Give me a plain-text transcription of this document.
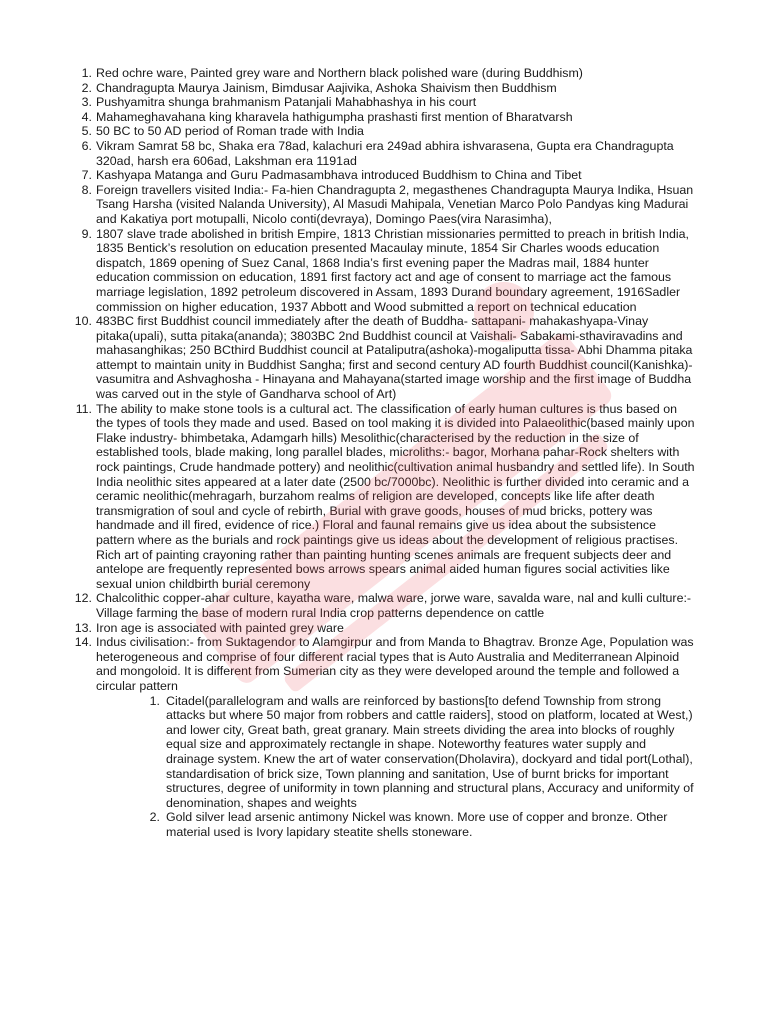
1. Red ochre ware, Painted grey ware and Northern black polished ware (during Buddhism)
2. Chandragupta Maurya Jainism, Bimdusar Aajivika, Ashoka Shaivism then Buddhism
3. Pushyamitra shunga brahmanism Patanjali Mahabhashya in his court
4. Mahameghavahana king kharavela hathigumpha prashasti first mention of Bharatvarsh
5. 50 BC to 50 AD period of Roman trade with India
6. Vikram Samrat 58 bc, Shaka era 78ad, kalachuri era 249ad abhira ishvarasena, Gupta era Chandragupta 320ad, harsh era 606ad, Lakshman era 1191ad
7. Kashyapa Matanga and Guru Padmasambhava introduced Buddhism to China and Tibet
8. Foreign travellers visited India:- Fa-hien Chandragupta 2, megasthenes Chandragupta Maurya Indika, Hsuan Tsang Harsha (visited Nalanda University), Al Masudi Mahipala, Venetian Marco Polo Pandyas king Madurai and Kakatiya port motupalli, Nicolo conti(devraya), Domingo Paes(vira Narasimha),
9. 1807 slave trade abolished in british Empire, 1813 Christian missionaries permitted to preach in british India, 1835 Bentick’s resolution on education presented Macaulay minute, 1854 Sir Charles woods education dispatch, 1869 opening of Suez Canal, 1868 India’s first evening paper the Madras mail, 1884 hunter education commission on education, 1891 first factory act and age of consent to marriage act the famous marriage legislation, 1892 petroleum discovered in Assam, 1893 Durand boundary agreement, 1916Sadler commission on higher education, 1937 Abbott and Wood submitted a report on technical education
10. 483BC first Buddhist council immediately after the death of Buddha- sattapani- mahakashyapa-Vinay pitaka(upali), sutta pitaka(ananda); 3803BC 2nd Buddhist council at Vaishali- Sabakami-sthaviravadins and mahasanghikas; 250 BCthird Buddhist council at Pataliputra(ashoka)-mogaliputta tissa- Abhi Dhamma pitaka attempt to maintain unity in Buddhist Sangha; first and second century AD fourth Buddhist council(Kanishka)- vasumitra and Ashvaghosha - Hinayana and Mahayana(started image worship and the first image of Buddha was carved out in the style of Gandharva school of Art)
11. The ability to make stone tools is a cultural act. The classification of early human cultures is thus based on the types of tools they made and used. Based on tool making it is divided into Palaeolithic(based mainly upon Flake industry- bhimbetaka, Adamgarh hills) Mesolithic(characterised by the reduction in the size of established tools, blade making, long parallel blades, microliths:- bagor, Morhana pahar-Rock shelters with rock paintings, Crude handmade pottery) and neolithic(cultivation animal husbandry and settled life). In South India neolithic sites appeared at a later date (2500 bc/7000bc). Neolithic is further divided into ceramic and a ceramic neolithic(mehragarh, burzahom realms of religion are developed, concepts like life after death transmigration of soul and cycle of rebirth, Burial with grave goods, houses of mud bricks, pottery was handmade and ill fired, evidence of rice.) Floral and faunal remains give us idea about the subsistence pattern where as the burials and rock paintings give us ideas about the development of religious practises. Rich art of painting crayoning rather than painting hunting scenes animals are frequent subjects deer and antelope are frequently represented bows arrows spears animal aided human figures social activities like sexual union childbirth burial ceremony
12. Chalcolithic copper-ahar culture, kayatha ware, malwa ware, jorwe ware, savalda ware, nal and kulli culture:-Village farming the base of modern rural India crop patterns dependence on cattle
13. Iron age is associated with painted grey ware
14. Indus civilisation:- from Suktagendor to Alamgirpur and from Manda to Bhagtrav. Bronze Age, Population was heterogeneous and comprise of four different racial types that is Auto Australia and Mediterranean Alpinoid and mongoloid. It is different from Sumerian city as they were developed around the temple and followed a circular pattern
1. Citadel(parallelogram and walls are reinforced by bastions[to defend Township from strong attacks but where 50 major from robbers and cattle raiders], stood on platform, located at West,) and lower city, Great bath, great granary. Main streets dividing the area into blocks of roughly equal size and approximately rectangle in shape. Noteworthy features water supply and drainage system. Knew the art of water conservation(Dholavira), dockyard and tidal port(Lothal), standardisation of brick size, Town planning and sanitation, Use of burnt bricks for important structures, degree of uniformity in town planning and structural plans, Accuracy and uniformity of denomination, shapes and weights
2. Gold silver lead arsenic antimony Nickel was known. More use of copper and bronze. Other material used is Ivory lapidary steatite shells stoneware.
